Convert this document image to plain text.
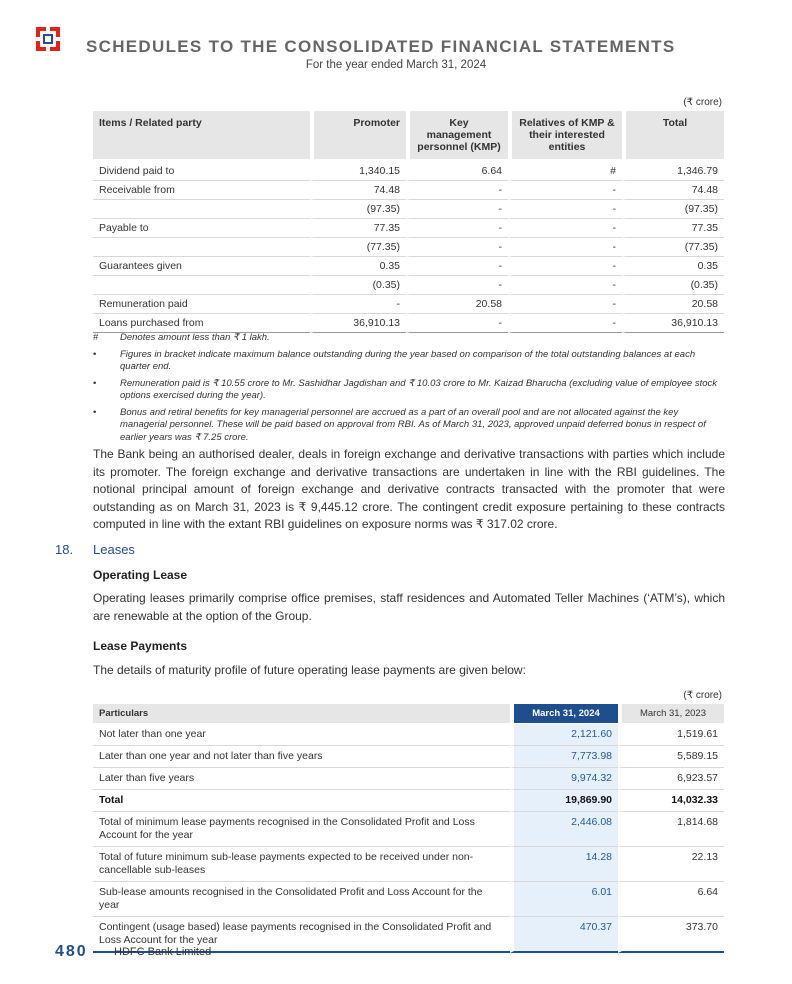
SCHEDULES TO THE CONSOLIDATED FINANCIAL STATEMENTS
For the year ended March 31, 2024
(₹ crore)
Items / Related party	Promoter	Key management personnel (KMP)	Relatives of KMP & their interested entities	Total
Dividend paid to	1,340.15	6.64	#	1,346.79
Receivable from	74.48	-	-	74.48
	(97.35)	-	-	(97.35)
Payable to	77.35	-	-	77.35
	(77.35)	-	-	(77.35)
Guarantees given	0.35	-	-	0.35
	(0.35)	-	-	(0.35)
Remuneration paid	-	20.58	-	20.58
Loans purchased from	36,910.13	-	-	36,910.13
# Denotes amount less than ₹ 1 lakh.
• Figures in bracket indicate maximum balance outstanding during the year based on comparison of the total outstanding balances at each quarter end.
• Remuneration paid is ₹ 10.55 crore to Mr. Sashidhar Jagdishan and ₹ 10.03 crore to Mr. Kaizad Bharucha (excluding value of employee stock options exercised during the year).
• Bonus and retiral benefits for key managerial personnel are accrued as a part of an overall pool and are not allocated against the key managerial personnel. These will be paid based on approval from RBI. As of March 31, 2023, approved unpaid deferred bonus in respect of earlier years was ₹ 7.25 crore.
The Bank being an authorised dealer, deals in foreign exchange and derivative transactions with parties which include its promoter. The foreign exchange and derivative transactions are undertaken in line with the RBI guidelines. The notional principal amount of foreign exchange and derivative contracts transacted with the promoter that were outstanding as on March 31, 2023 is ₹ 9,445.12 crore. The contingent credit exposure pertaining to these contracts computed in line with the extant RBI guidelines on exposure norms was ₹ 317.02 crore.
18. Leases
Operating Lease
Operating leases primarily comprise office premises, staff residences and Automated Teller Machines (‘ATM’s), which are renewable at the option of the Group.
Lease Payments
The details of maturity profile of future operating lease payments are given below:
(₹ crore)
Particulars	March 31, 2024	March 31, 2023
Not later than one year	2,121.60	1,519.61
Later than one year and not later than five years	7,773.98	5,589.15
Later than five years	9,974.32	6,923.57
Total	19,869.90	14,032.33
Total of minimum lease payments recognised in the Consolidated Profit and Loss Account for the year	2,446.08	1,814.68
Total of future minimum sub-lease payments expected to be received under non-cancellable sub-leases	14.28	22.13
Sub-lease amounts recognised in the Consolidated Profit and Loss Account for the year	6.01	6.64
Contingent (usage based) lease payments recognised in the Consolidated Profit and Loss Account for the year	470.37	373.70
480 HDFC Bank Limited
